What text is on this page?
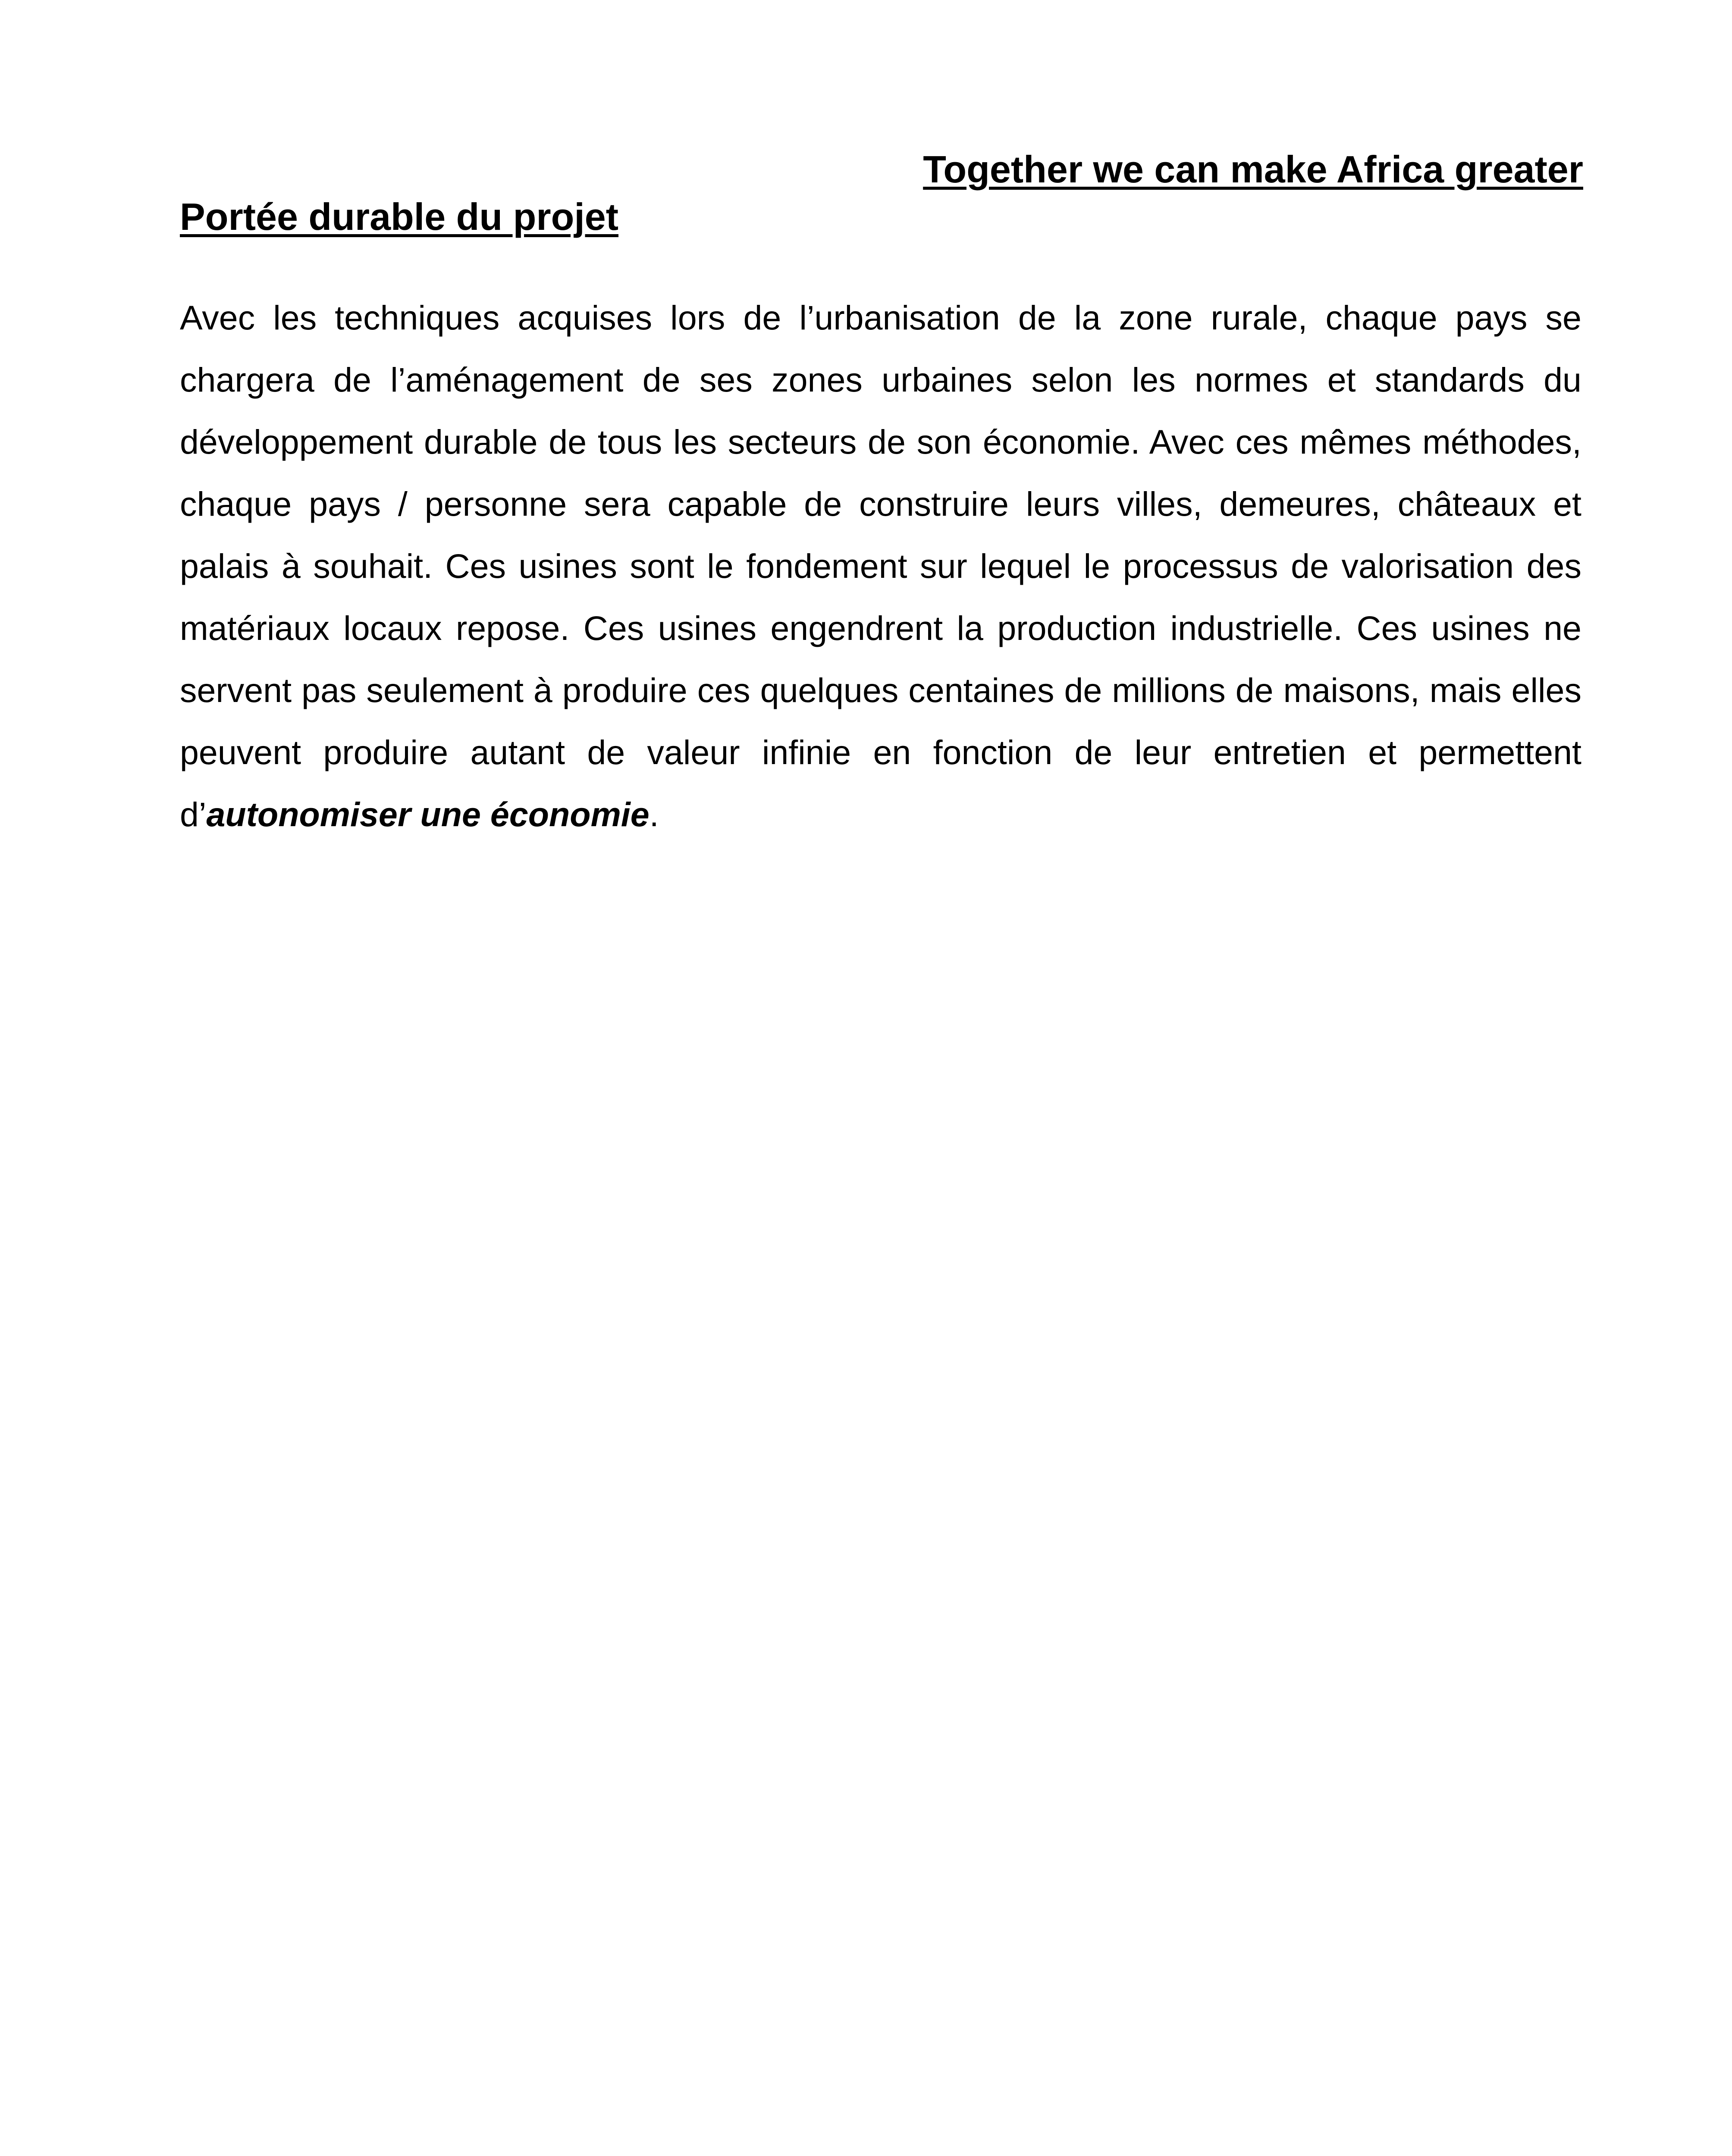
Together we can make Africa greater
Portée durable du projet

Avec les techniques acquises lors de l’urbanisation de la zone rurale, chaque pays se chargera de l’aménagement de ses zones urbaines selon les normes et standards du développement durable de tous les secteurs de son économie. Avec ces mêmes méthodes, chaque pays / personne sera capable de construire leurs villes, demeures, châteaux et palais à souhait. Ces usines sont le fondement sur lequel le processus de valorisation des matériaux locaux repose. Ces usines engendrent la production industrielle. Ces usines ne servent pas seulement à produire ces quelques centaines de millions de maisons, mais elles peuvent produire autant de valeur infinie en fonction de leur entretien et permettent d’autonomiser une économie.
